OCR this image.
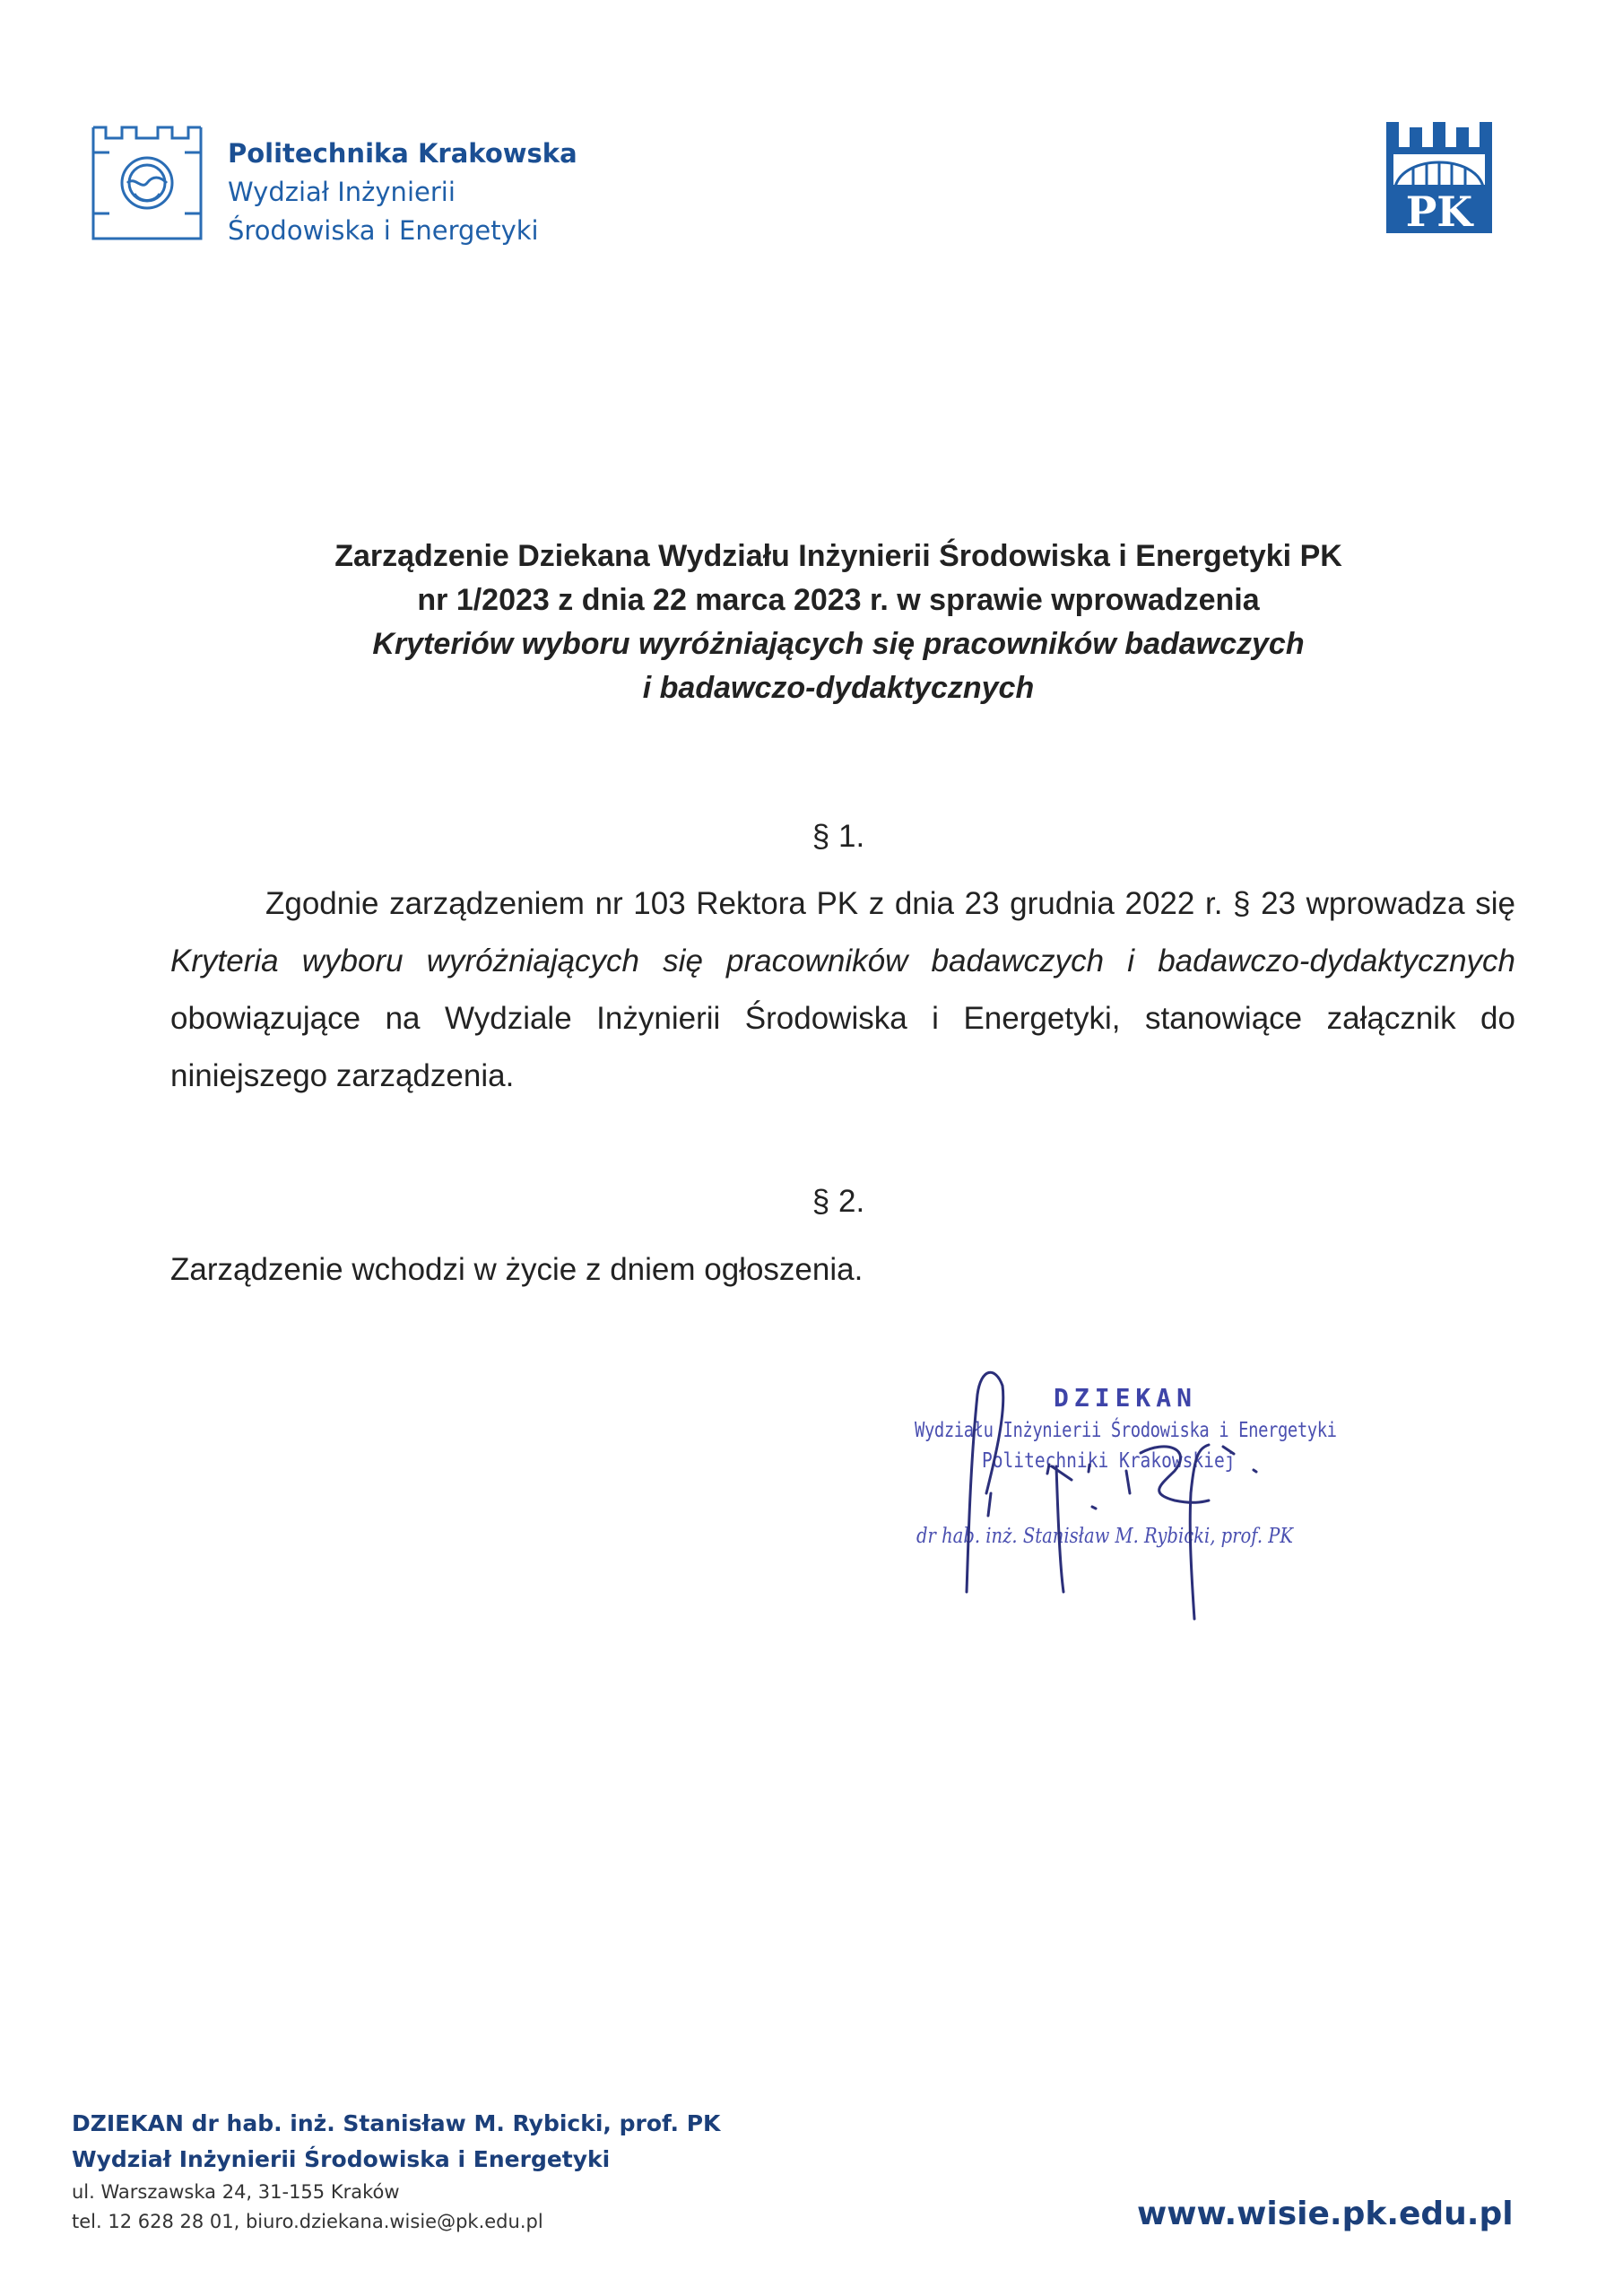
Politechnika Krakowska
Wydział Inżynierii
Środowiska i Energetyki	PK
Zarządzenie Dziekana Wydziału Inżynierii Środowiska i Energetyki PK
nr 1/2023 z dnia 22 marca 2023 r. w sprawie wprowadzenia
Kryteriów wyboru wyróżniających się pracowników badawczych
i badawczo-dydaktycznych
§ 1.
Zgodnie zarządzeniem nr 103 Rektora PK z dnia 23 grudnia 2022 r. § 23 wprowadza się Kryteria wyboru wyróżniających się pracowników badawczych i badawczo-dydaktycznych obowiązujące na Wydziale Inżynierii Środowiska i Energetyki, stanowiące załącznik do niniejszego zarządzenia.
§ 2.
Zarządzenie wchodzi w życie z dniem ogłoszenia.
DZIEKAN
Wydziału Inżynierii Środowiska i Energetyki
Politechniki Krakowskiej
dr hab. inż. Stanisław M. Rybicki, prof. PK
DZIEKAN dr hab. inż. Stanisław M. Rybicki, prof. PK
Wydział Inżynierii Środowiska i Energetyki
ul. Warszawska 24, 31-155 Kraków
tel. 12 628 28 01, biuro.dziekana.wisie@pk.edu.pl	www.wisie.pk.edu.pl
